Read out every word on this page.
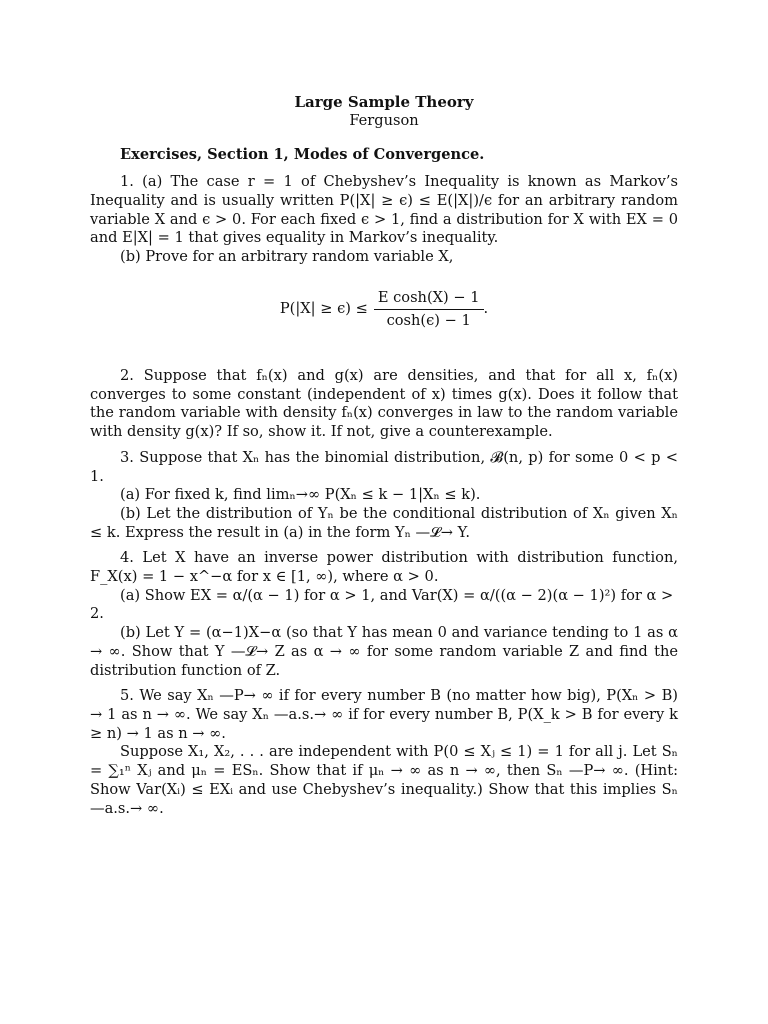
Large Sample Theory
Ferguson
Exercises, Section 1, Modes of Convergence.

1. (a) The case r = 1 of Chebyshev’s Inequality is known as Markov’s Inequality and is usually written P(|X| ≥ ϵ) ≤ E(|X|)/ϵ for an arbitrary random variable X and ϵ > 0. For each fixed ϵ > 1, find a distribution for X with EX = 0 and E|X| = 1 that gives equality in Markov’s inequality.

(b) Prove for an arbitrary random variable X,

$P(|X| \ge \epsilon) \le \frac{\text{E cosh(X) − 1}}{\cosh(\epsilon) - 1}$ .

2. Suppose that fₙ(x) and g(x) are densities, and that for all x, fₙ(x) converges to some constant (independent of x) times g(x). Does it follow that the random variable with density fₙ(x) converges in law to the random variable with density g(x)? If so, show it. If not, give a counterexample.

3. Suppose that Xₙ has the binomial distribution, 𝓑(n, p) for some 0 < p < 1.

(a) For fixed k, find limₙ→∞ P(Xₙ ≤ k − 1|Xₙ ≤ k).

(b) Let the distribution of Yₙ be the conditional distribution of Xₙ given Xₙ ≤ k. Express the result in (a) in the form Yₙ —𝓛→ Y.

4. Let X have an inverse power distribution with distribution function, F_X(x) = 1 − x^−α for x ∈ [1, ∞), where α > 0.

(a) Show EX = α/(α − 1) for α > 1, and Var(X) = α/((α − 2)(α − 1)²) for α > 2.

(b) Let Y = (α−1)X−α (so that Y has mean 0 and variance tending to 1 as α → ∞. Show that Y —𝓛→ Z as α → ∞ for some random variable Z and find the distribution function of Z.

5. We say Xₙ —P→ ∞ if for every number B (no matter how big), P(Xₙ > B) → 1 as n → ∞. We say Xₙ —a.s.→ ∞ if for every number B, P(X_k > B for every k ≥ n) → 1 as n → ∞.

Suppose X₁, X₂, . . . are independent with P(0 ≤ Xⱼ ≤ 1) = 1 for all j. Let Sₙ = ∑₁ⁿ Xⱼ and μₙ = ESₙ. Show that if μₙ → ∞ as n → ∞, then Sₙ —P→ ∞. (Hint: Show Var(Xᵢ) ≤ EXᵢ and use Chebyshev’s inequality.) Show that this implies Sₙ —a.s.→ ∞.
